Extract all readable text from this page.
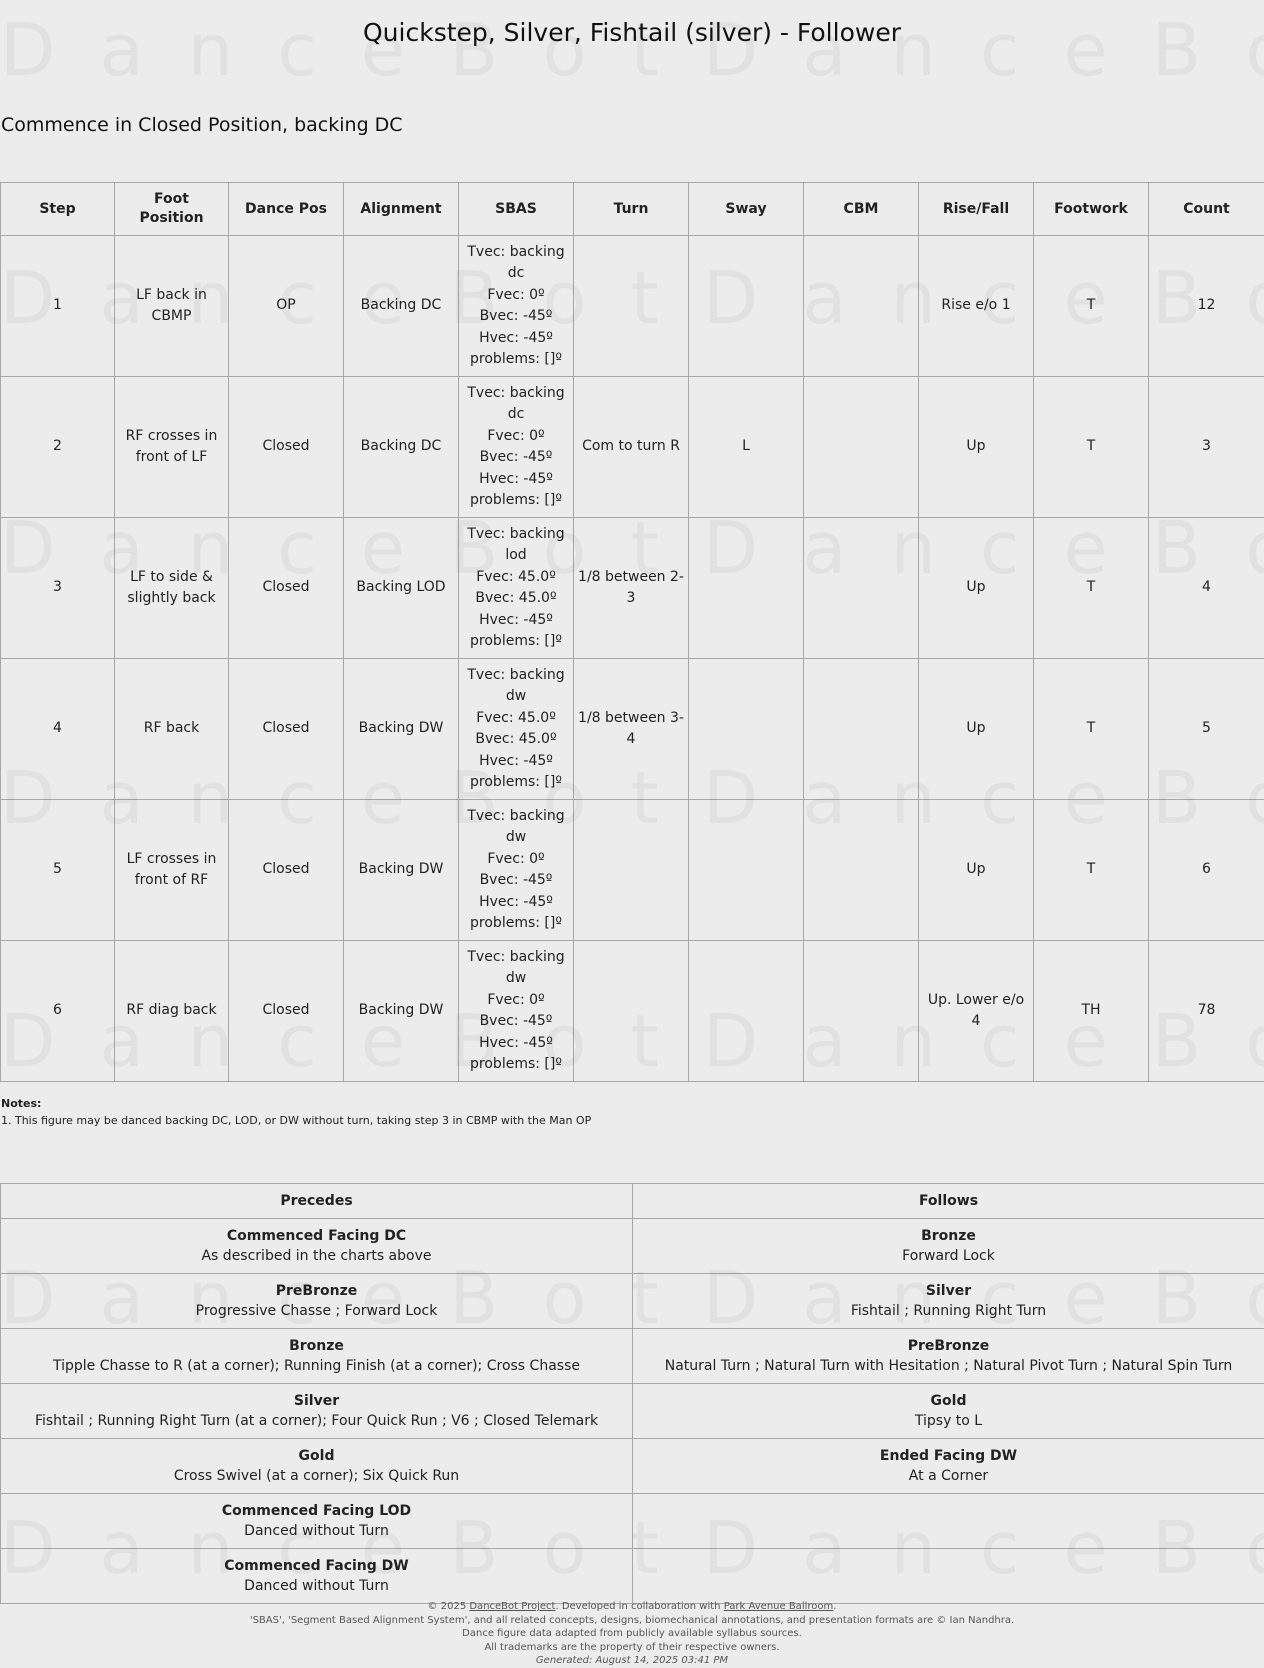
Quickstep, Silver, Fishtail (silver) - Follower
Commence in Closed Position, backing DC
Step	Foot Position	Dance Pos	Alignment	SBAS	Turn	Sway	CBM	Rise/Fall	Footwork	Count
1	LF back in CBMP	OP	Backing DC	Tvec: backing dc
Fvec: 0º
Bvec: -45º
Hvec: -45º
problems: []º				Rise e/o 1	T	12
2	RF crosses in front of LF	Closed	Backing DC	Tvec: backing dc
Fvec: 0º
Bvec: -45º
Hvec: -45º
problems: []º	Com to turn R	L		Up	T	3
3	LF to side & slightly back	Closed	Backing LOD	Tvec: backing lod
Fvec: 45.0º
Bvec: 45.0º
Hvec: -45º
problems: []º	1/8 between 2-3			Up	T	4
4	RF back	Closed	Backing DW	Tvec: backing dw
Fvec: 45.0º
Bvec: 45.0º
Hvec: -45º
problems: []º	1/8 between 3-4			Up	T	5
5	LF crosses in front of RF	Closed	Backing DW	Tvec: backing dw
Fvec: 0º
Bvec: -45º
Hvec: -45º
problems: []º				Up	T	6
6	RF diag back	Closed	Backing DW	Tvec: backing dw
Fvec: 0º
Bvec: -45º
Hvec: -45º
problems: []º				Up. Lower e/o 4	TH	78
Notes:
1. This figure may be danced backing DC, LOD, or DW without turn, taking step 3 in CBMP with the Man OP
Precedes	Follows

Commenced Facing DC
As described in the charts above	Bronze
Forward Lock

PreBronze
Progressive Chasse ; Forward Lock	Silver
Fishtail ; Running Right Turn

Bronze
Tipple Chasse to R (at a corner); Running Finish (at a corner); Cross Chasse	PreBronze
Natural Turn ; Natural Turn with Hesitation ; Natural Pivot Turn ; Natural Spin Turn

Silver
Fishtail ; Running Right Turn (at a corner); Four Quick Run ; V6 ; Closed Telemark	Gold
Tipsy to L

Gold
Cross Swivel (at a corner); Six Quick Run	Ended Facing DW
At a Corner

Commenced Facing LOD
Danced without Turn	

Commenced Facing DW
Danced without Turn	
© 2025 DanceBot Project. Developed in collaboration with Park Avenue Ballroom.
'SBAS', 'Segment Based Alignment System', and all related concepts, designs, biomechanical annotations, and presentation formats are © Ian Nandhra.
Dance figure data adapted from publicly available syllabus sources.
All trademarks are the property of their respective owners.
Generated: August 14, 2025 03:41 PM
